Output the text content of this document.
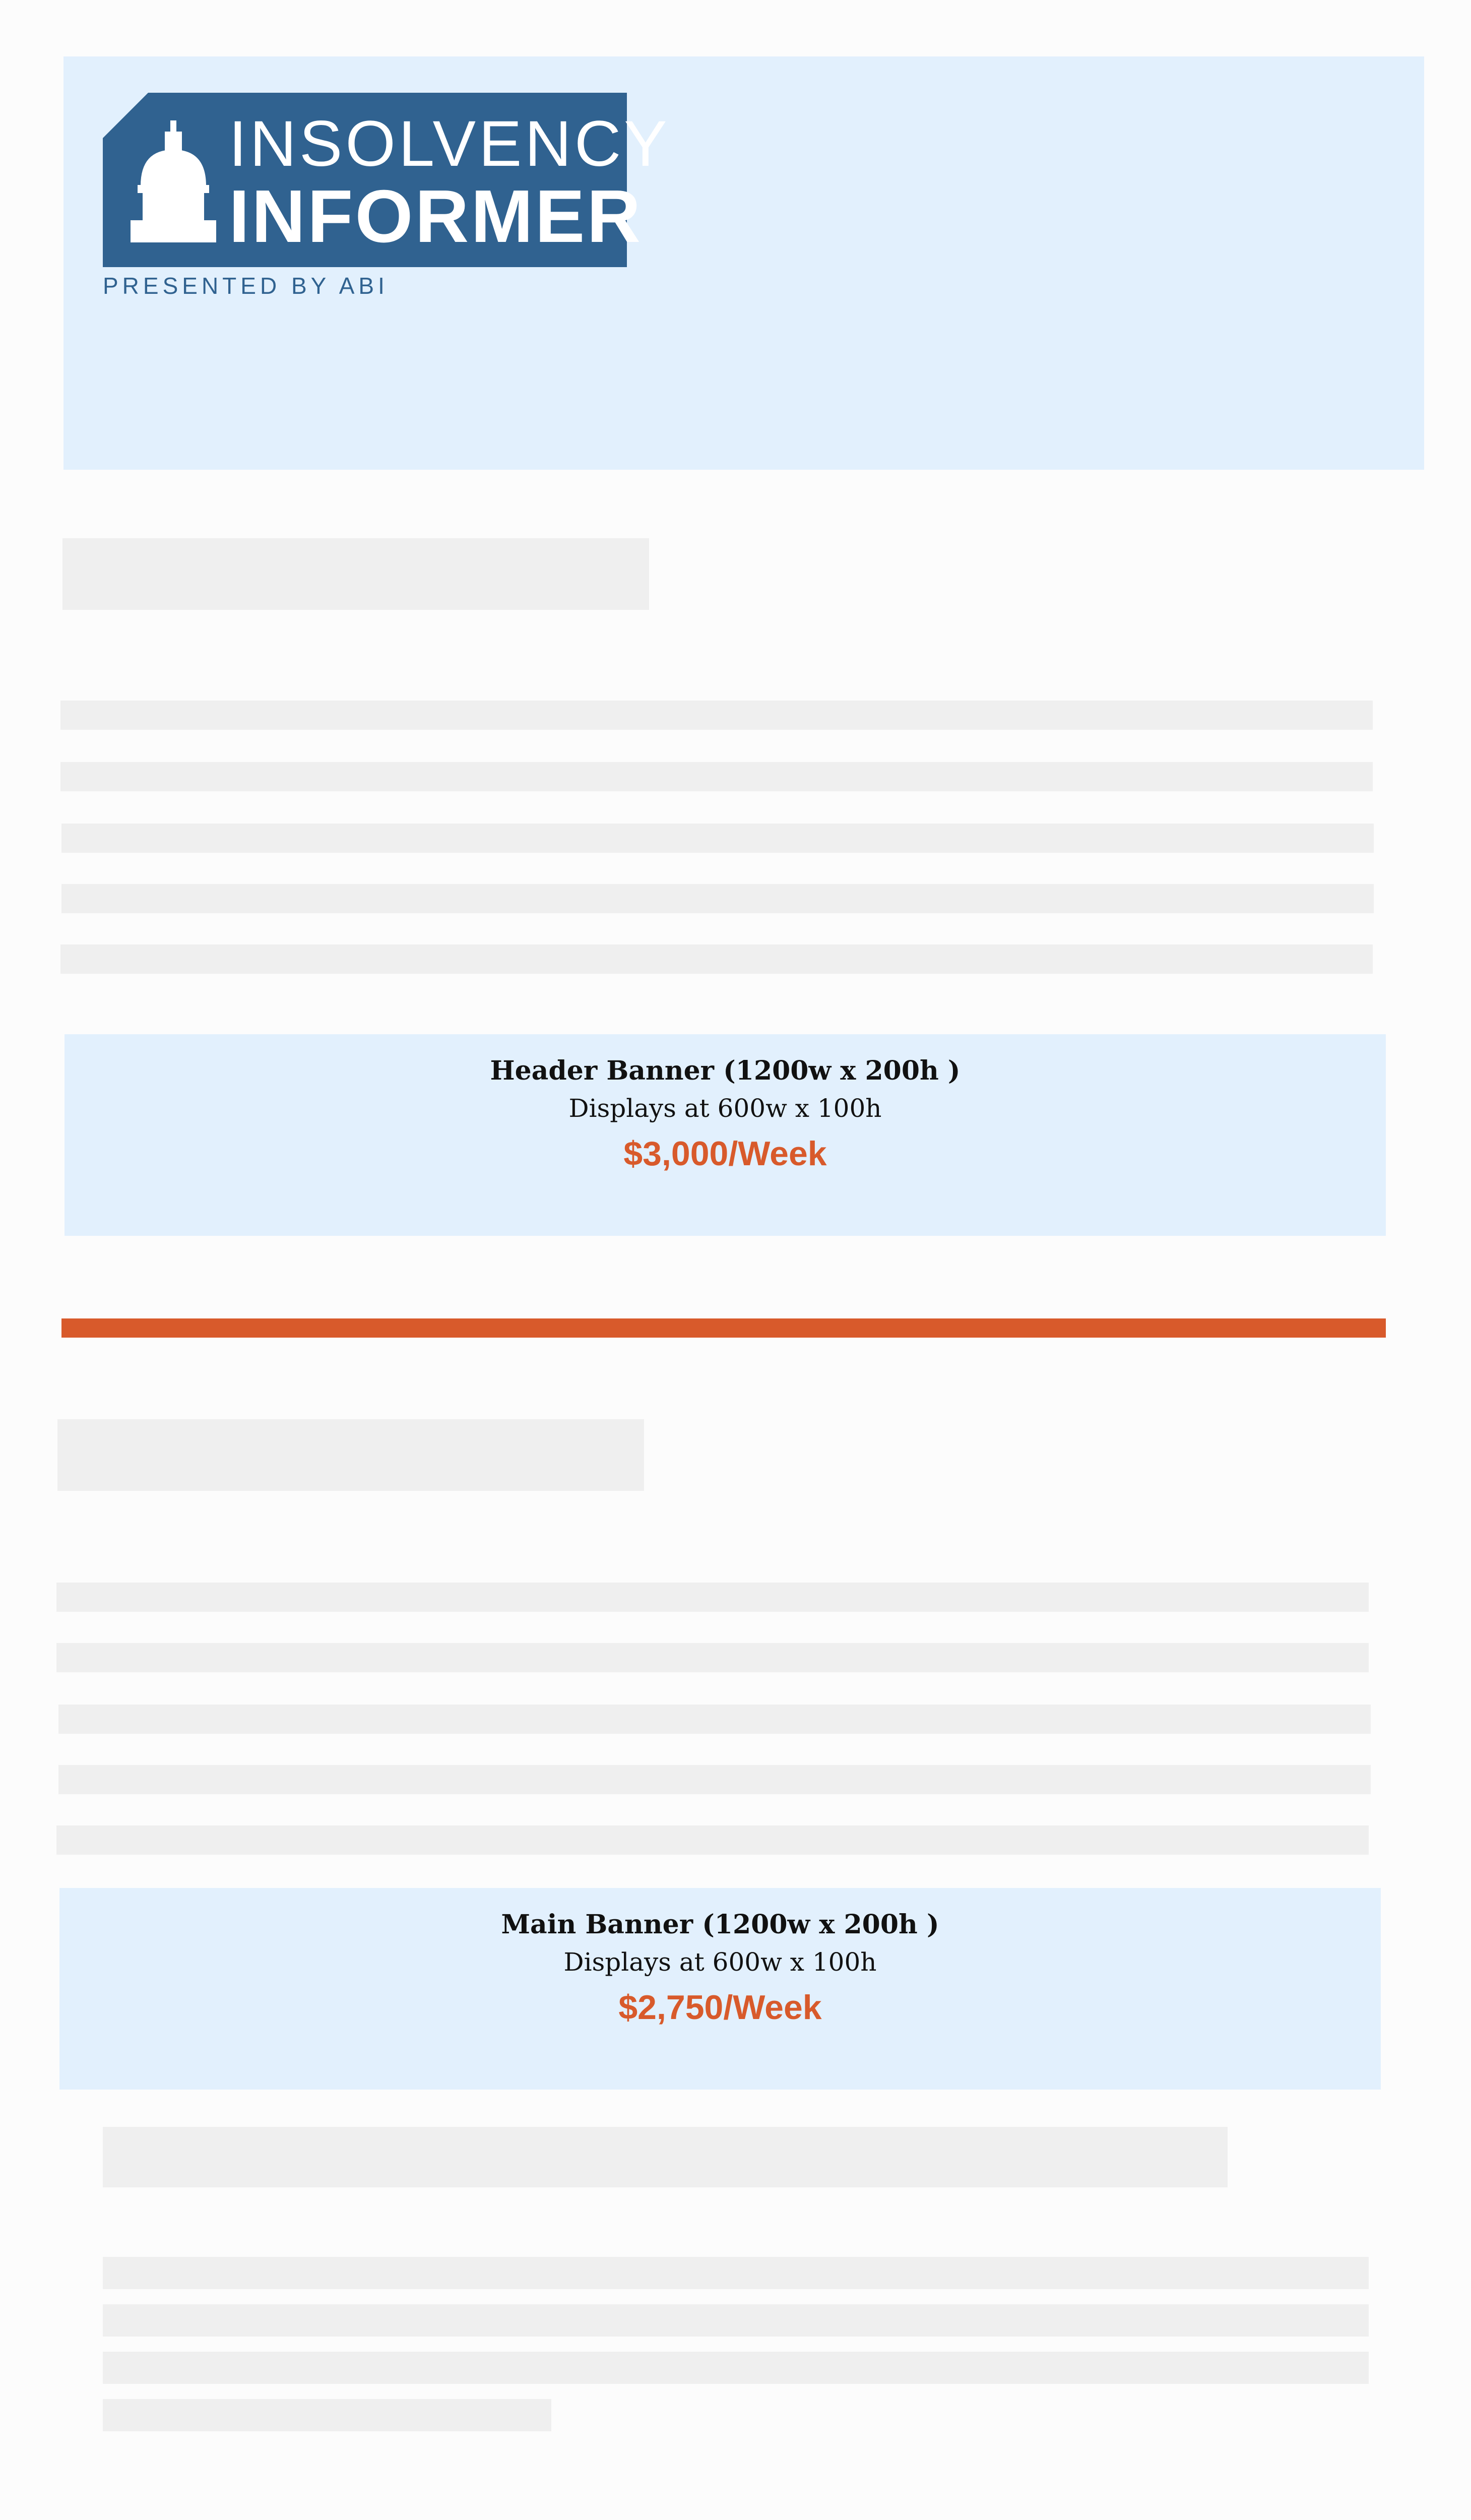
INSOLVENCY
INFORMER
PRESENTED BY ABI
Header Banner (1200w x 200h )
Displays at 600w x 100h
$3,000/Week
Main Banner (1200w x 200h )
Displays at 600w x 100h
$2,750/Week
